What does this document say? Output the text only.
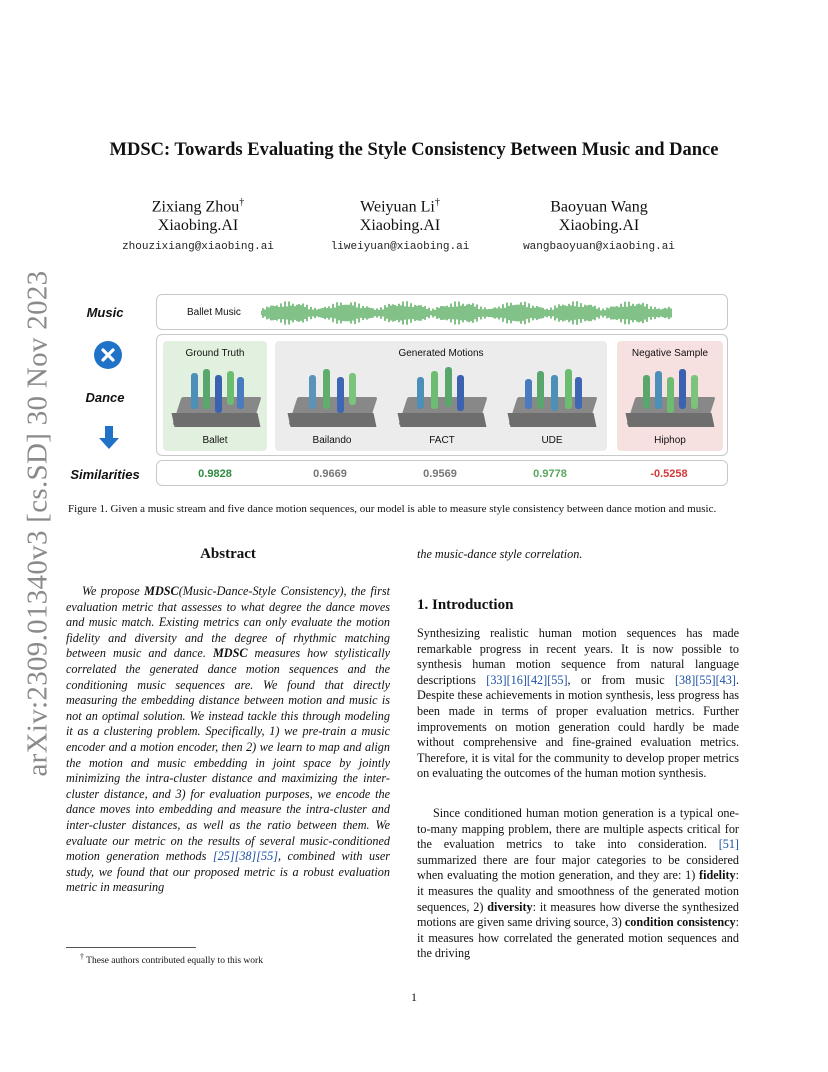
arXiv:2309.01340v3 [cs.SD] 30 Nov 2023
MDSC: Towards Evaluating the Style Consistency Between Music and Dance
Zixiang Zhou†
Xiaobing.AI
zhouzixiang@xiaobing.ai
Weiyuan Li†
Xiaobing.AI
liweiyuan@xiaobing.ai
Baoyuan Wang
Xiaobing.AI
wangbaoyuan@xiaobing.ai
Music
Dance
Similarities
Ballet Music
Ground Truth
Ballet
Generated Motions
Bailando	FACT	UDE
Negative Sample
Hiphop
0.9828	0.9669	0.9569	0.9778	-0.5258
Figure 1. Given a music stream and five dance motion sequences, our model is able to measure style consistency between dance motion and music.
Abstract
We propose MDSC(Music-Dance-Style Consistency), the first evaluation metric that assesses to what degree the dance moves and music match. Existing metrics can only evaluate the motion fidelity and diversity and the degree of rhythmic matching between music and dance. MDSC measures how stylistically correlated the generated dance motion sequences and the conditioning music sequences are. We found that directly measuring the embedding distance between motion and music is not an optimal solution. We instead tackle this through modeling it as a clustering problem. Specifically, 1) we pre-train a music encoder and a motion encoder, then 2) we learn to map and align the motion and music embedding in joint space by jointly minimizing the intra-cluster distance and maximizing the inter-cluster distance, and 3) for evaluation purposes, we encode the dance moves into embedding and measure the intra-cluster and inter-cluster distances, as well as the ratio between them. We evaluate our metric on the results of several music-conditioned motion generation methods [25][38][55], combined with user study, we found that our proposed metric is a robust evaluation metric in measuring
the music-dance style correlation.
1. Introduction
Synthesizing realistic human motion sequences has made remarkable progress in recent years. It is now possible to synthesis human motion sequence from natural language descriptions [33][16][42][55], or from music [38][55][43]. Despite these achievements in motion synthesis, less progress has been made in terms of proper evaluation metrics. Further improvements on motion generation could hardly be made without comprehensive and fine-grained evaluation metrics. Therefore, it is vital for the community to develop proper metrics on evaluating the outcomes of the human motion synthesis.
Since conditioned human motion generation is a typical one-to-many mapping problem, there are multiple aspects critical for the evaluation metrics to take into consideration. [51] summarized there are four major categories to be considered when evaluating the motion generation, and they are: 1) fidelity: it measures the quality and smoothness of the generated motion sequences, 2) diversity: it measures how diverse the synthesized motions are given same driving source, 3) condition consistency: it measures how correlated the generated motion sequences and the driving
† These authors contributed equally to this work
1
